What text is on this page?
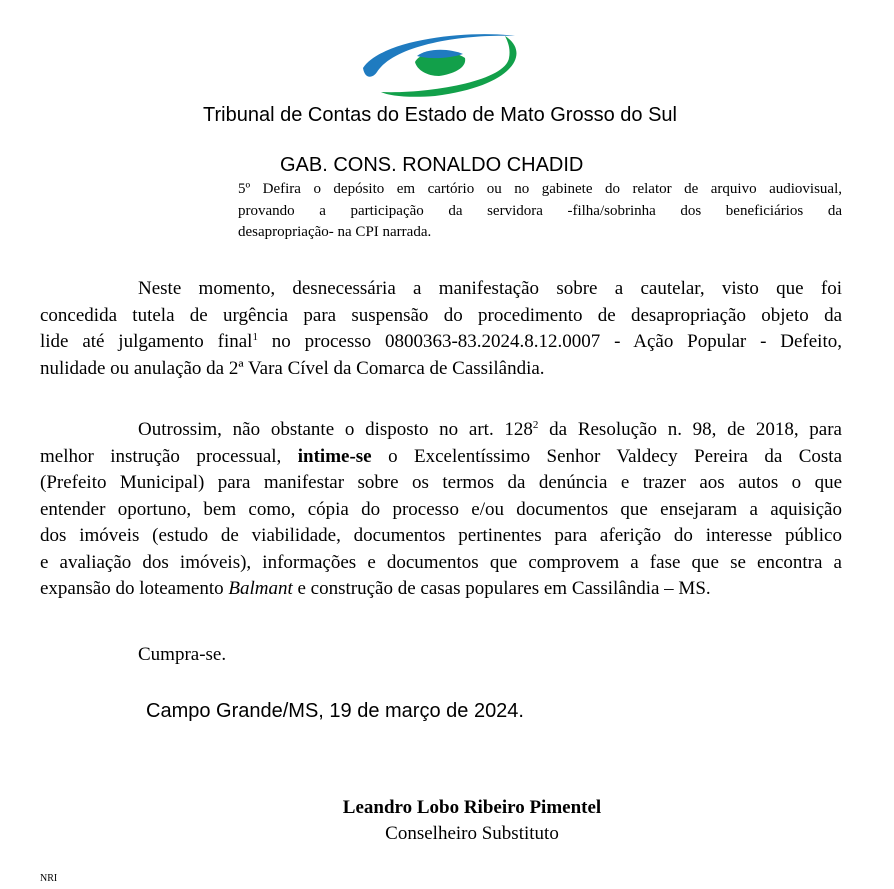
Tribunal de Contas do Estado de Mato Grosso do Sul
GAB. CONS. RONALDO CHADID
5º Defira o depósito em cartório ou no gabinete do relator de arquivo audiovisual,
provando a participação da servidora -filha/sobrinha dos beneficiários da
desapropriação- na CPI narrada.
Neste momento, desnecessária a manifestação sobre a cautelar, visto que foi
concedida tutela de urgência para suspensão do procedimento de desapropriação objeto da
lide até julgamento final$^1$ no processo 0800363-83.2024.8.12.0007 - Ação Popular - Defeito,
nulidade ou anulação da 2ª Vara Cível da Comarca de Cassilândia.
Outrossim, não obstante o disposto no art. $128^2$ da Resolução n. 98, de 2018, para
melhor instrução processual, intime-se o Excelentíssimo Senhor Valdecy Pereira da Costa
(Prefeito Municipal) para manifestar sobre os termos da denúncia e trazer aos autos o que
entender oportuno, bem como, cópia do processo e/ou documentos que ensejaram a aquisição
dos imóveis (estudo de viabilidade, documentos pertinentes para aferição do interesse público
e avaliação dos imóveis), informações e documentos que comprovem a fase que se encontra a
expansão do loteamento Balmant e construção de casas populares em Cassilândia – MS.
Cumpra-se.
Campo Grande/MS, 19 de março de 2024.
Leandro Lobo Ribeiro Pimentel
Conselheiro Substituto
NRI
